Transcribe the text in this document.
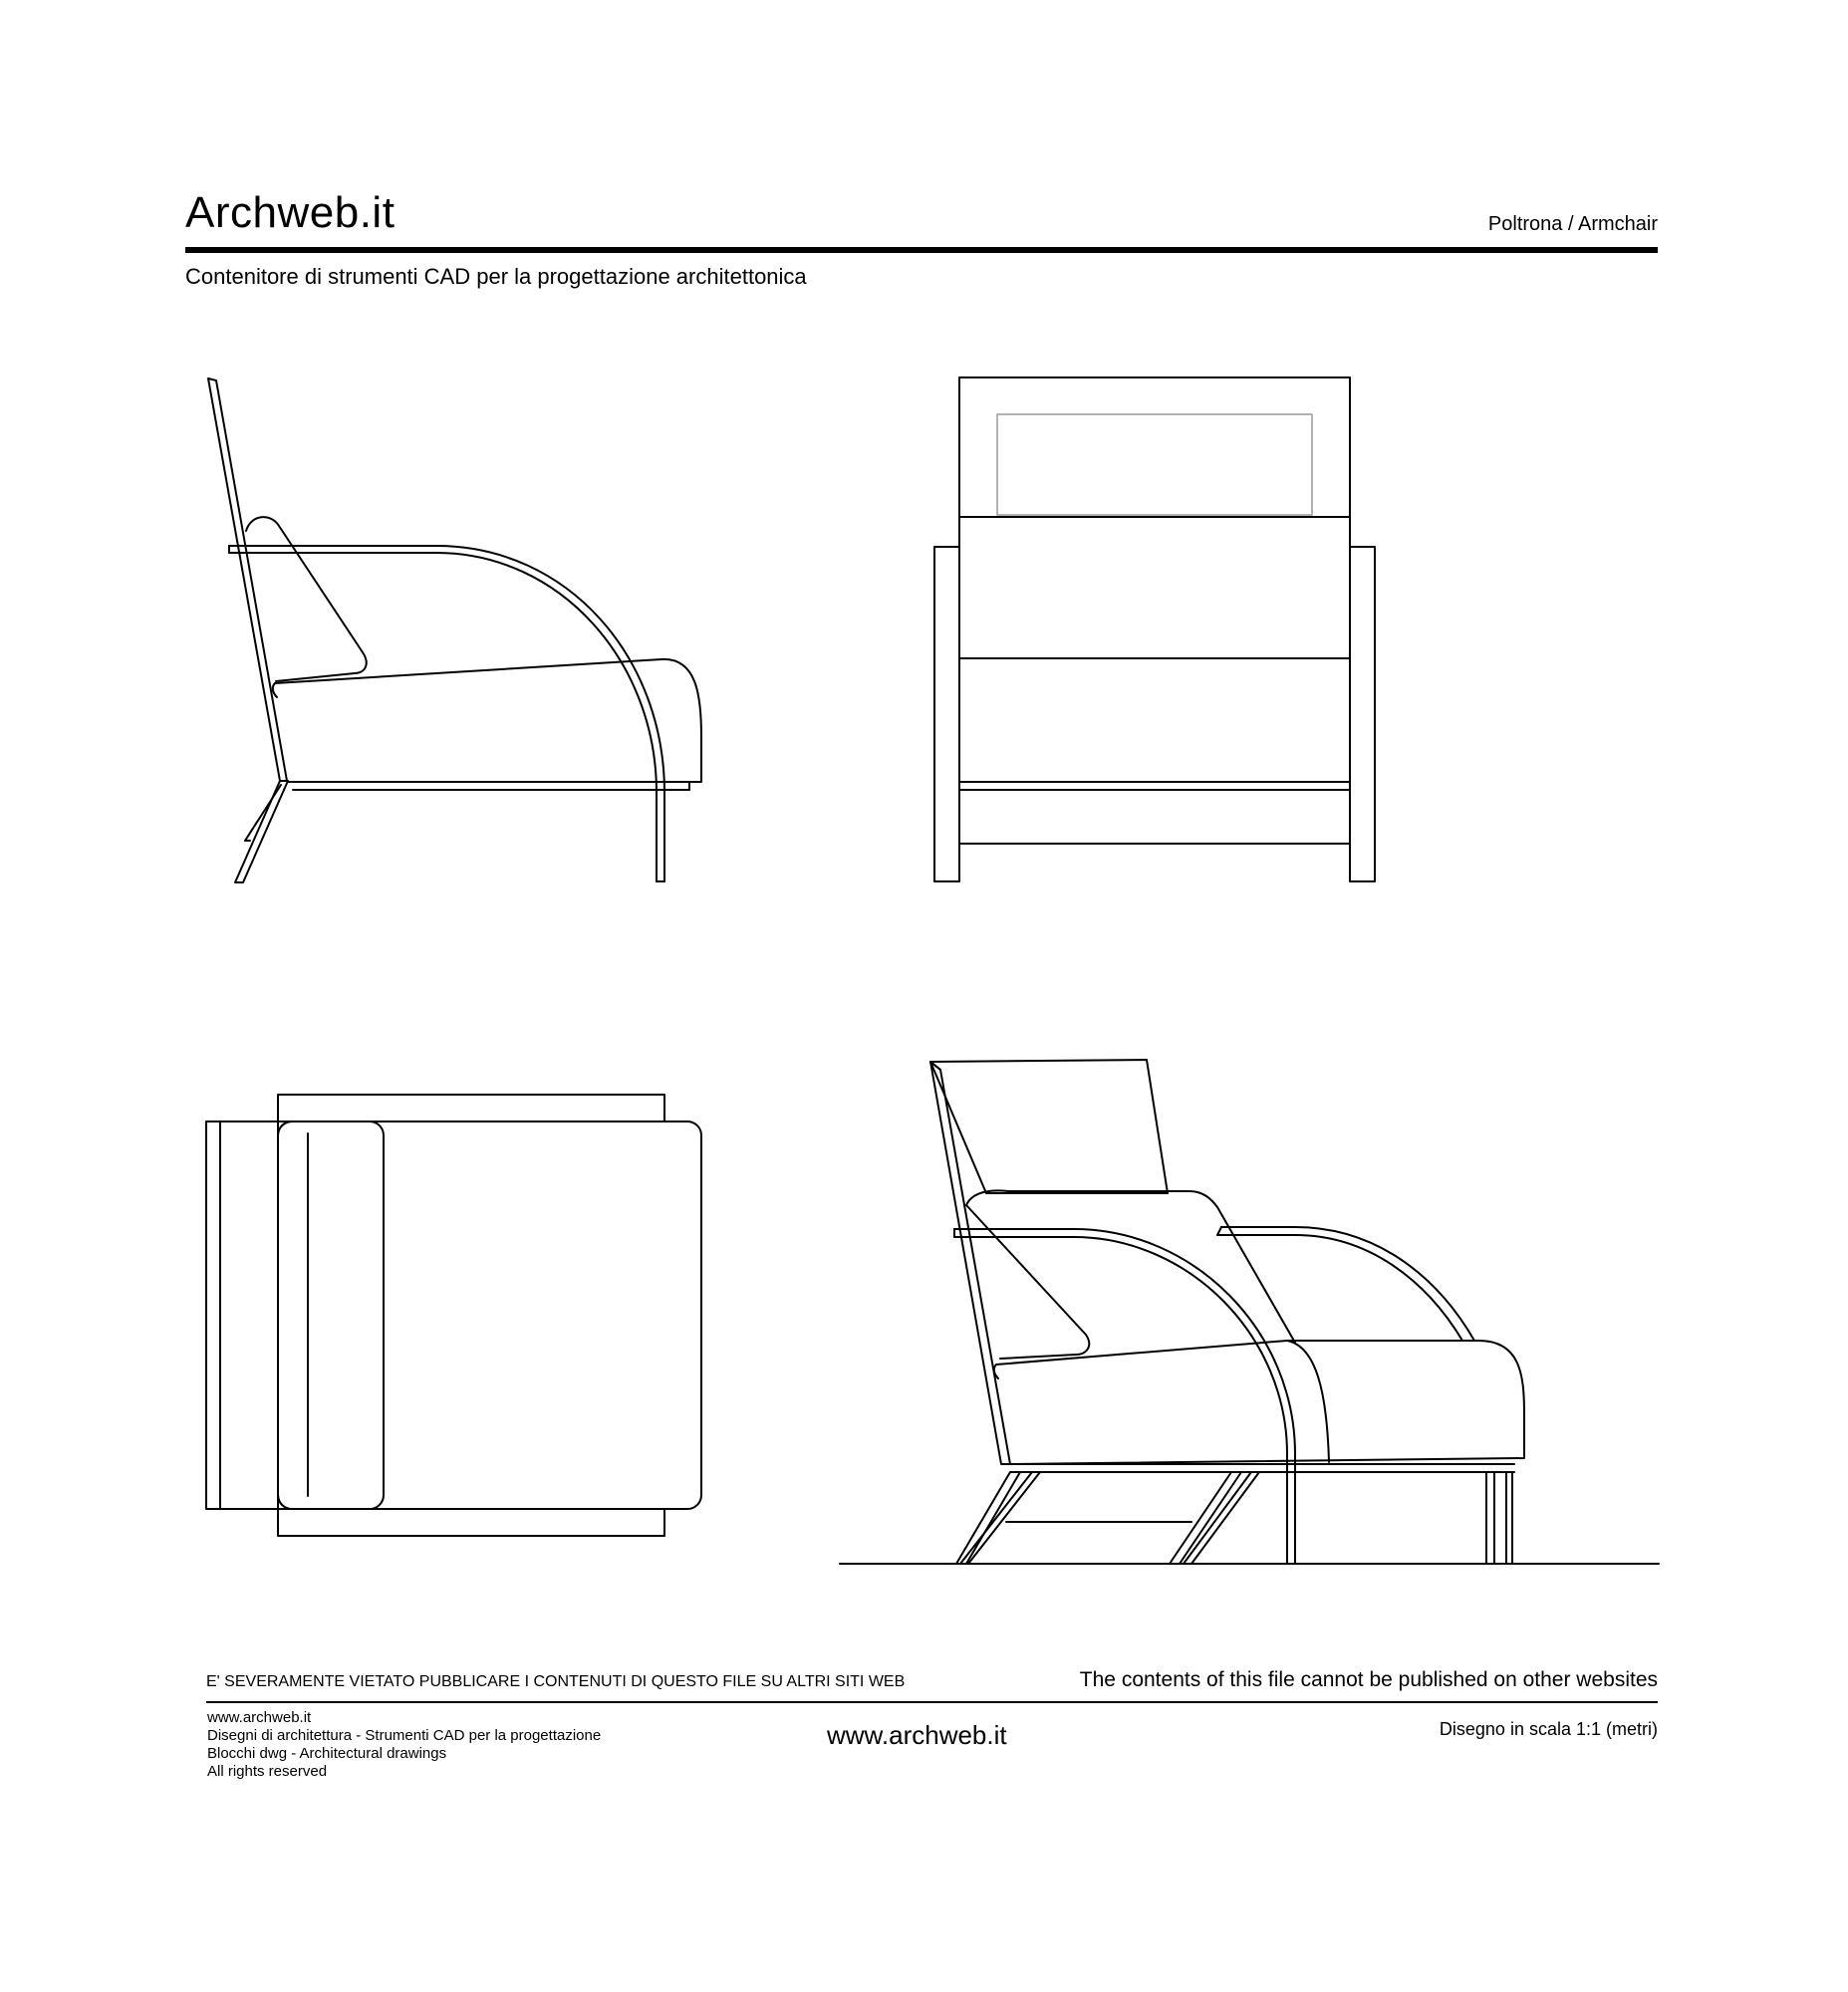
Archweb.it	Poltrona / Armchair
Contenitore di strumenti CAD per la progettazione architettonica
E' SEVERAMENTE VIETATO PUBBLICARE I CONTENUTI DI QUESTO FILE SU ALTRI SITI WEB	The contents of this file cannot be published on other websites
www.archweb.it
Disegni di architettura - Strumenti CAD per la progettazione
Blocchi dwg - Architectural drawings
All rights reserved
www.archweb.it	Disegno in scala 1:1 (metri)
